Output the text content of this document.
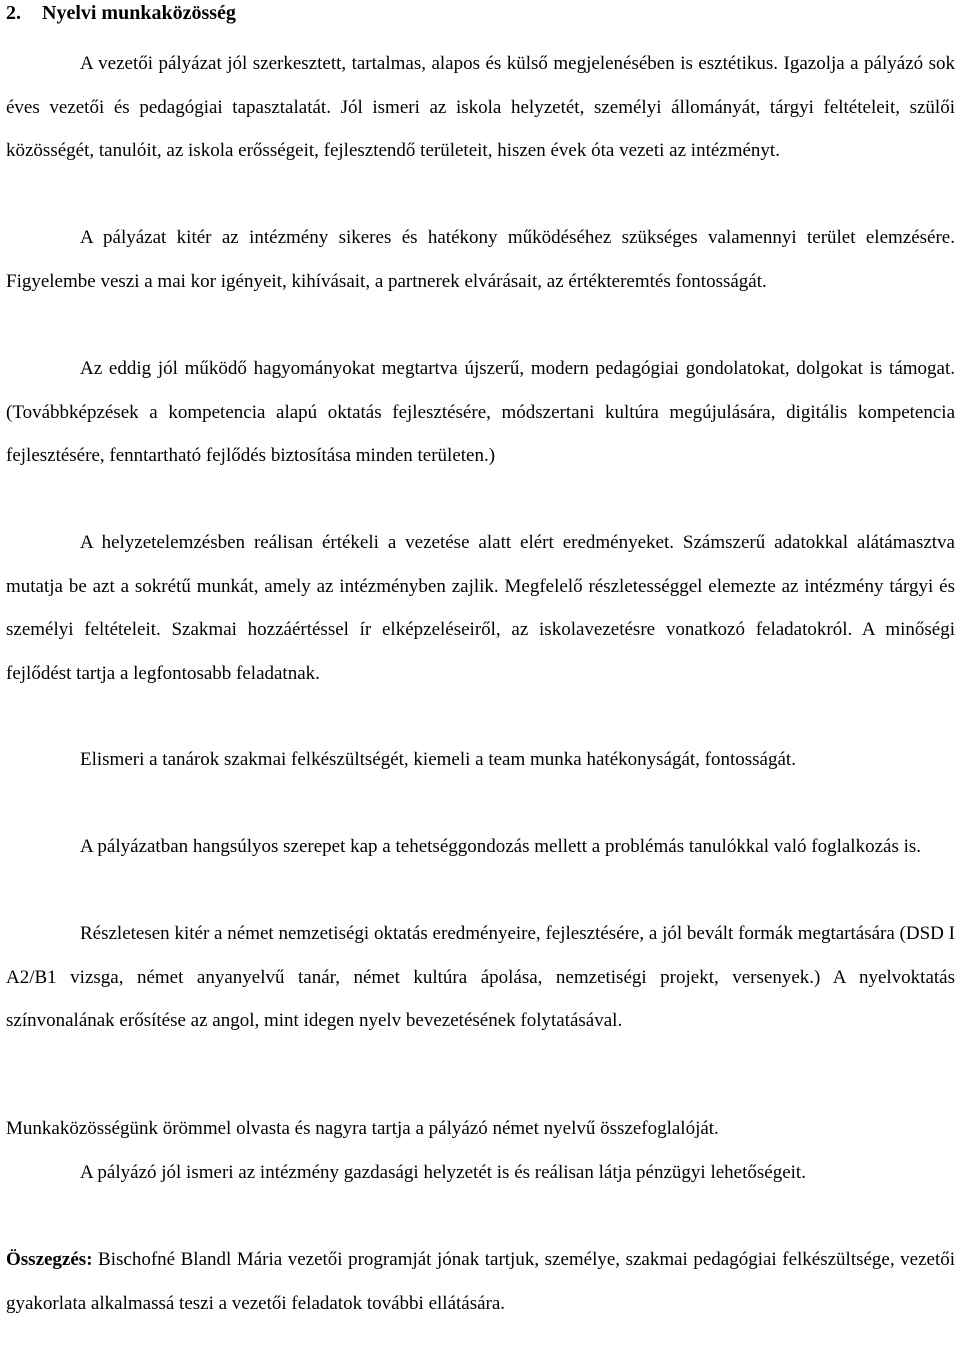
2. Nyelvi munkaközösség

A vezetői pályázat jól szerkesztett, tartalmas, alapos és külső megjelenésében is esztétikus. Igazolja a pályázó sok éves vezetői és pedagógiai tapasztalatát. Jól ismeri az iskola helyzetét, személyi állományát, tárgyi feltételeit, szülői közösségét, tanulóit, az iskola erősségeit, fejlesztendő területeit, hiszen évek óta vezeti az intézményt.

A pályázat kitér az intézmény sikeres és hatékony működéséhez szükséges valamennyi terület elemzésére. Figyelembe veszi a mai kor igényeit, kihívásait, a partnerek elvárásait, az értékteremtés fontosságát.

Az eddig jól működő hagyományokat megtartva újszerű, modern pedagógiai gondolatokat, dolgokat is támogat. (Továbbképzések a kompetencia alapú oktatás fejlesztésére, módszertani kultúra megújulására, digitális kompetencia fejlesztésére, fenntartható fejlődés biztosítása minden területen.)

A helyzetelemzésben reálisan értékeli a vezetése alatt elért eredményeket. Számszerű adatokkal alátámasztva mutatja be azt a sokrétű munkát, amely az intézményben zajlik. Megfelelő részletességgel elemezte az intézmény tárgyi és személyi feltételeit. Szakmai hozzáértéssel ír elképzeléseiről, az iskolavezetésre vonatkozó feladatokról. A minőségi fejlődést tartja a legfontosabb feladatnak.

Elismeri a tanárok szakmai felkészültségét, kiemeli a team munka hatékonyságát, fontosságát.

A pályázatban hangsúlyos szerepet kap a tehetséggondozás mellett a problémás tanulókkal való foglalkozás is.

Részletesen kitér a német nemzetiségi oktatás eredményeire, fejlesztésére, a jól bevált formák megtartására (DSD I A2/B1 vizsga, német anyanyelvű tanár, német kultúra ápolása, nemzetiségi projekt, versenyek.) A nyelvoktatás színvonalának erősítése az angol, mint idegen nyelv bevezetésének folytatásával.

Munkaközösségünk örömmel olvasta és nagyra tartja a pályázó német nyelvű összefoglalóját.

A pályázó jól ismeri az intézmény gazdasági helyzetét is és reálisan látja pénzügyi lehetőségeit.

Összegzés: Bischofné Blandl Mária vezetői programját jónak tartjuk, személye, szakmai pedagógiai felkészültsége, vezetői gyakorlata alkalmassá teszi a vezetői feladatok további ellátására.
